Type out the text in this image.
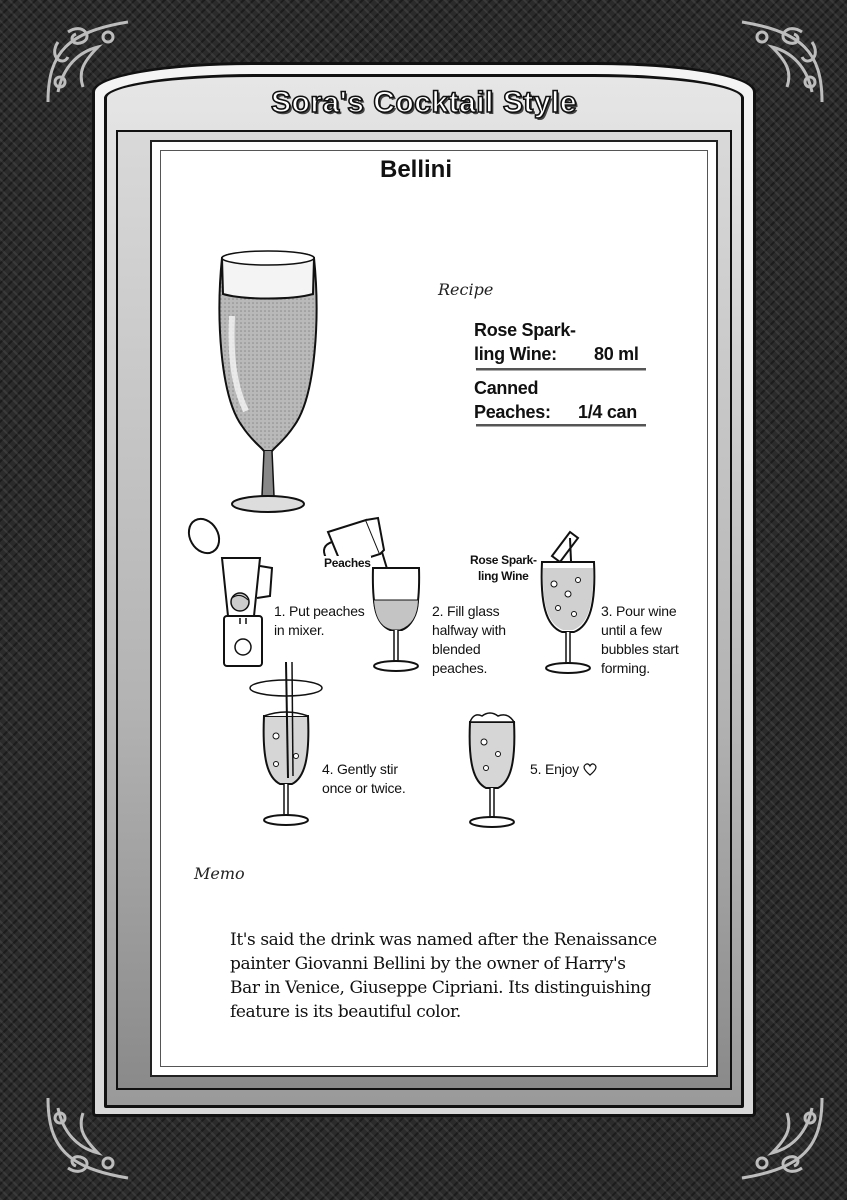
Sora's Cocktail Style
Bellini
Recipe
Rose Spark-
ling Wine: 80 ml
Canned
Peaches: 1/4 can
1. Put peaches
in mixer.
Peaches
2. Fill glass
halfway with
blended
peaches.
Rose Spark-
ling Wine
3. Pour wine
until a few
bubbles start
forming.
4. Gently stir
once or twice.
5. Enjoy
Memo
It's said the drink was named after the Renaissance
painter Giovanni Bellini by the owner of Harry's
Bar in Venice, Giuseppe Cipriani. Its distinguishing
feature is its beautiful color.
